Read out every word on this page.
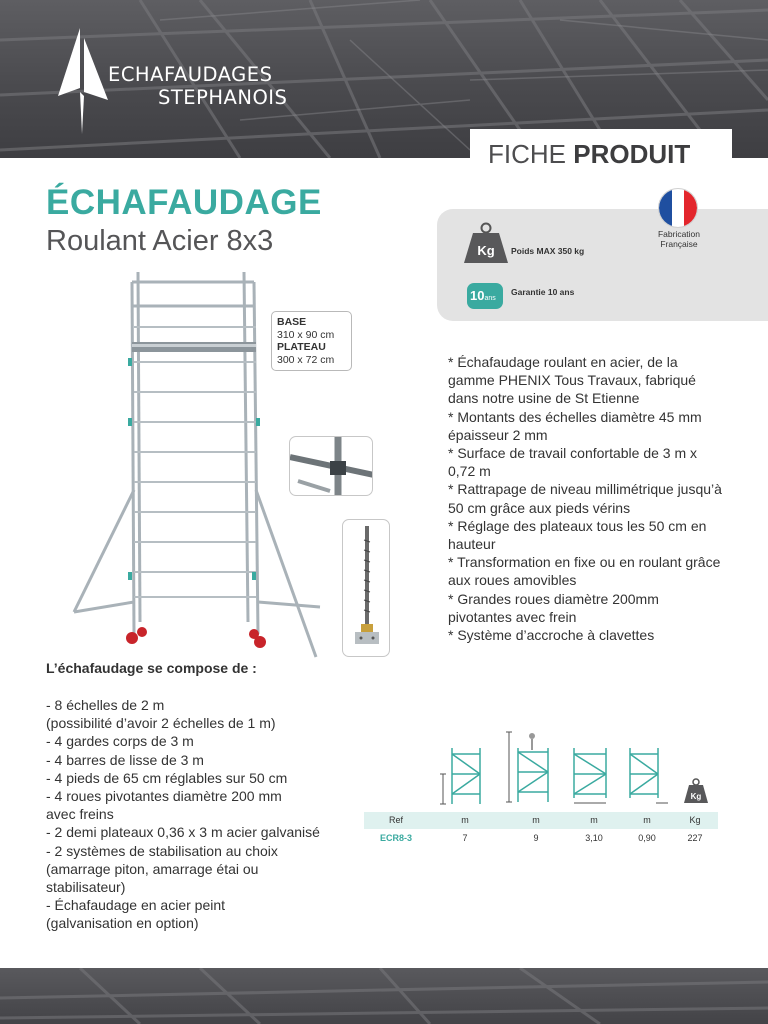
ECHAFAUDAGES
STEPHANOIS
FICHE PRODUIT
ÉCHAFAUDAGE
Roulant Acier 8x3	Kg Poids MAX 350 kg
10ans
Garantie 10 ans
Fabrication
Française
BASE
310 x 90 cm
PLATEAU
300 x 72 cm	* Échafaudage roulant en acier, de la
gamme PHENIX Tous Travaux, fabriqué
dans notre usine de St Etienne
* Montants des échelles diamètre 45 mm
épaisseur 2 mm
* Surface de travail confortable de 3 m x
0,72 m
* Rattrapage de niveau millimétrique jusqu’à
50 cm grâce aux pieds vérins
* Réglage des plateaux tous les 50 cm en
hauteur
* Transformation en fixe ou en roulant grâce
aux roues amovibles
* Grandes roues diamètre 200mm
pivotantes avec frein
* Système d’accroche à clavettes
L’échafaudage se compose de :
- 8 échelles de 2 m
(possibilité d’avoir 2 échelles de 1 m)
- 4 gardes corps de 3 m
- 4 barres de lisse de 3 m
- 4 pieds de 65 cm réglables sur 50 cm
- 4 roues pivotantes diamètre 200 mm
avec freins
- 2 demi plateaux 0,36 x 3 m acier galvanisé
- 2 systèmes de stabilisation au choix
(amarrage piton, amarrage étai ou
stabilisateur)
- Échafaudage en acier peint
(galvanisation en option)
Kg
Ref	m	m	m	m	Kg
ECR8-3	7	9	3,10	0,90	227
